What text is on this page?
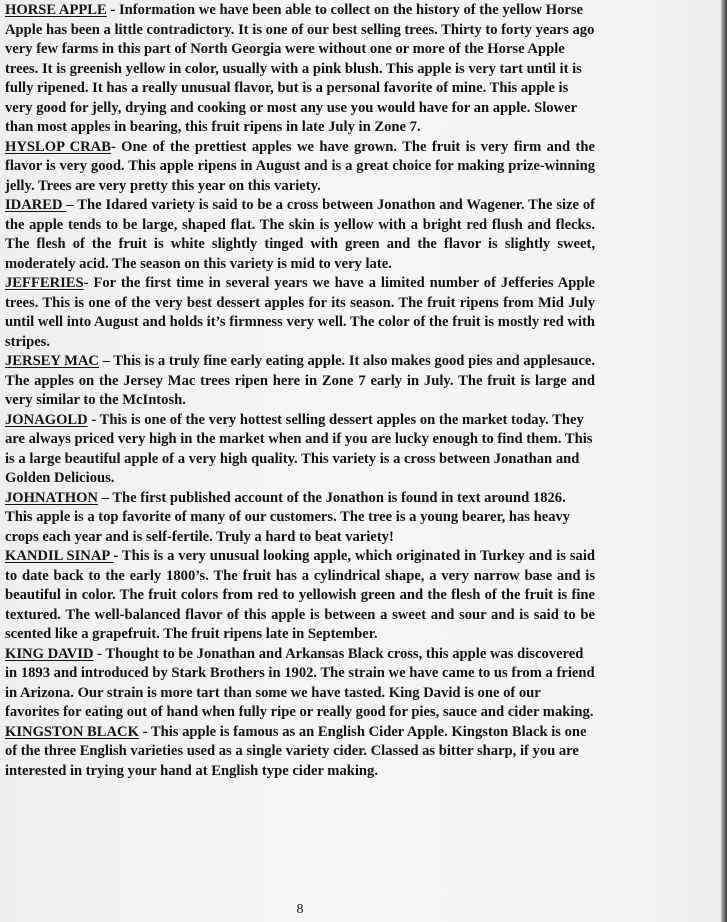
HORSE APPLE - Information we have been able to collect on the history of the yellow Horse Apple has been a little contradictory. It is one of our best selling trees. Thirty to forty years ago very few farms in this part of North Georgia were without one or more of the Horse Apple trees. It is greenish yellow in color, usually with a pink blush. This apple is very tart until it is fully ripened. It has a really unusual flavor, but is a personal favorite of mine. This apple is very good for jelly, drying and cooking or most any use you would have for an apple. Slower than most apples in bearing, this fruit ripens in late July in Zone 7.

HYSLOP CRAB- One of the prettiest apples we have grown. The fruit is very firm and the flavor is very good. This apple ripens in August and is a great choice for making prize-winning jelly. Trees are very pretty this year on this variety.

IDARED – The Idared variety is said to be a cross between Jonathon and Wagener. The size of the apple tends to be large, shaped flat. The skin is yellow with a bright red flush and flecks. The flesh of the fruit is white slightly tinged with green and the flavor is slightly sweet, moderately acid. The season on this variety is mid to very late.

JEFFERIES- For the first time in several years we have a limited number of Jefferies Apple trees. This is one of the very best dessert apples for its season. The fruit ripens from Mid July until well into August and holds it’s firmness very well. The color of the fruit is mostly red with stripes.

JERSEY MAC – This is a truly fine early eating apple. It also makes good pies and applesauce. The apples on the Jersey Mac trees ripen here in Zone 7 early in July. The fruit is large and very similar to the McIntosh.

JONAGOLD - This is one of the very hottest selling dessert apples on the market today. They are always priced very high in the market when and if you are lucky enough to find them. This is a large beautiful apple of a very high quality. This variety is a cross between Jonathan and Golden Delicious.

JOHNATHON – The first published account of the Jonathon is found in text around 1826. This apple is a top favorite of many of our customers. The tree is a young bearer, has heavy crops each year and is self-fertile. Truly a hard to beat variety!

KANDIL SINAP - This is a very unusual looking apple, which originated in Turkey and is said to date back to the early 1800’s. The fruit has a cylindrical shape, a very narrow base and is beautiful in color. The fruit colors from red to yellowish green and the flesh of the fruit is fine textured. The well-balanced flavor of this apple is between a sweet and sour and is said to be scented like a grapefruit. The fruit ripens late in September.

KING DAVID - Thought to be Jonathan and Arkansas Black cross, this apple was discovered in 1893 and introduced by Stark Brothers in 1902. The strain we have came to us from a friend in Arizona. Our strain is more tart than some we have tasted. King David is one of our favorites for eating out of hand when fully ripe or really good for pies, sauce and cider making.

KINGSTON BLACK - This apple is famous as an English Cider Apple. Kingston Black is one of the three English varieties used as a single variety cider. Classed as bitter sharp, if you are interested in trying your hand at English type cider making.

8
